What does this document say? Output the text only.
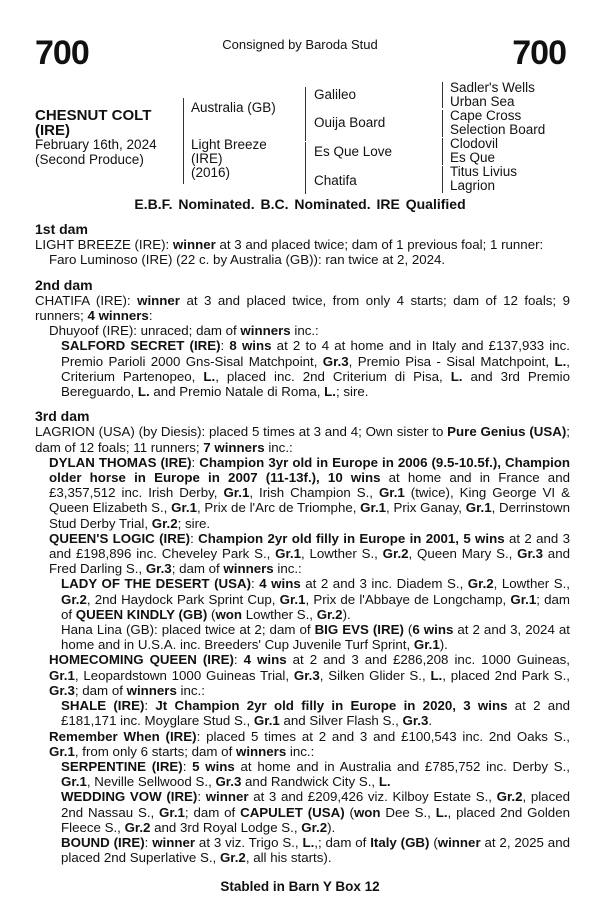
700	700
Consigned by Baroda Stud
CHESNUT COLT
(IRE)
February 16th, 2024
(Second Produce)
Australia (GB)
Light Breeze
(IRE)
(2016)
Galileo
Ouija Board
Es Que Love
Chatifa
Sadler's Wells
Urban Sea
Cape Cross
Selection Board
Clodovil
Es Que
Titus Livius
Lagrion
E.B.F. Nominated. B.C. Nominated. IRE Qualified
1st dam

LIGHT BREEZE (IRE): winner at 3 and placed twice; dam of 1 previous foal; 1 runner:

Faro Luminoso (IRE) (22 c. by Australia (GB)): ran twice at 2, 2024.

2nd dam

CHATIFA (IRE): winner at 3 and placed twice, from only 4 starts; dam of 12 foals; 9 runners; 4 winners:

Dhuyoof (IRE): unraced; dam of winners inc.:

SALFORD SECRET (IRE): 8 wins at 2 to 4 at home and in Italy and £137,933 inc. Premio Parioli 2000 Gns-Sisal Matchpoint, Gr.3, Premio Pisa - Sisal Matchpoint, L., Criterium Partenopeo, L., placed inc. 2nd Criterium di Pisa, L. and 3rd Premio Bereguardo, L. and Premio Natale di Roma, L.; sire.

3rd dam

LAGRION (USA) (by Diesis): placed 5 times at 3 and 4; Own sister to Pure Genius (USA); dam of 12 foals; 11 runners; 7 winners inc.:

DYLAN THOMAS (IRE): Champion 3yr old in Europe in 2006 (9.5-10.5f.), Champion older horse in Europe in 2007 (11-13f.), 10 wins at home and in France and £3,357,512 inc. Irish Derby, Gr.1, Irish Champion S., Gr.1 (twice), King George VI & Queen Elizabeth S., Gr.1, Prix de l'Arc de Triomphe, Gr.1, Prix Ganay, Gr.1, Derrinstown Stud Derby Trial, Gr.2; sire.

QUEEN'S LOGIC (IRE): Champion 2yr old filly in Europe in 2001, 5 wins at 2 and 3 and £198,896 inc. Cheveley Park S., Gr.1, Lowther S., Gr.2, Queen Mary S., Gr.3 and Fred Darling S., Gr.3; dam of winners inc.:

LADY OF THE DESERT (USA): 4 wins at 2 and 3 inc. Diadem S., Gr.2, Lowther S., Gr.2, 2nd Haydock Park Sprint Cup, Gr.1, Prix de l'Abbaye de Longchamp, Gr.1; dam of QUEEN KINDLY (GB) (won Lowther S., Gr.2).

Hana Lina (GB): placed twice at 2; dam of BIG EVS (IRE) (6 wins at 2 and 3, 2024 at home and in U.S.A. inc. Breeders' Cup Juvenile Turf Sprint, Gr.1).

HOMECOMING QUEEN (IRE): 4 wins at 2 and 3 and £286,208 inc. 1000 Guineas, Gr.1, Leopardstown 1000 Guineas Trial, Gr.3, Silken Glider S., L., placed 2nd Park S., Gr.3; dam of winners inc.:

SHALE (IRE): Jt Champion 2yr old filly in Europe in 2020, 3 wins at 2 and £181,171 inc. Moyglare Stud S., Gr.1 and Silver Flash S., Gr.3.

Remember When (IRE): placed 5 times at 2 and 3 and £100,543 inc. 2nd Oaks S., Gr.1, from only 6 starts; dam of winners inc.:

SERPENTINE (IRE): 5 wins at home and in Australia and £785,752 inc. Derby S., Gr.1, Neville Sellwood S., Gr.3 and Randwick City S., L.

WEDDING VOW (IRE): winner at 3 and £209,426 viz. Kilboy Estate S., Gr.2, placed 2nd Nassau S., Gr.1; dam of CAPULET (USA) (won Dee S., L., placed 2nd Golden Fleece S., Gr.2 and 3rd Royal Lodge S., Gr.2).

BOUND (IRE): winner at 3 viz. Trigo S., L.,; dam of Italy (GB) (winner at 2, 2025 and placed 2nd Superlative S., Gr.2, all his starts).

Stabled in Barn Y Box 12
